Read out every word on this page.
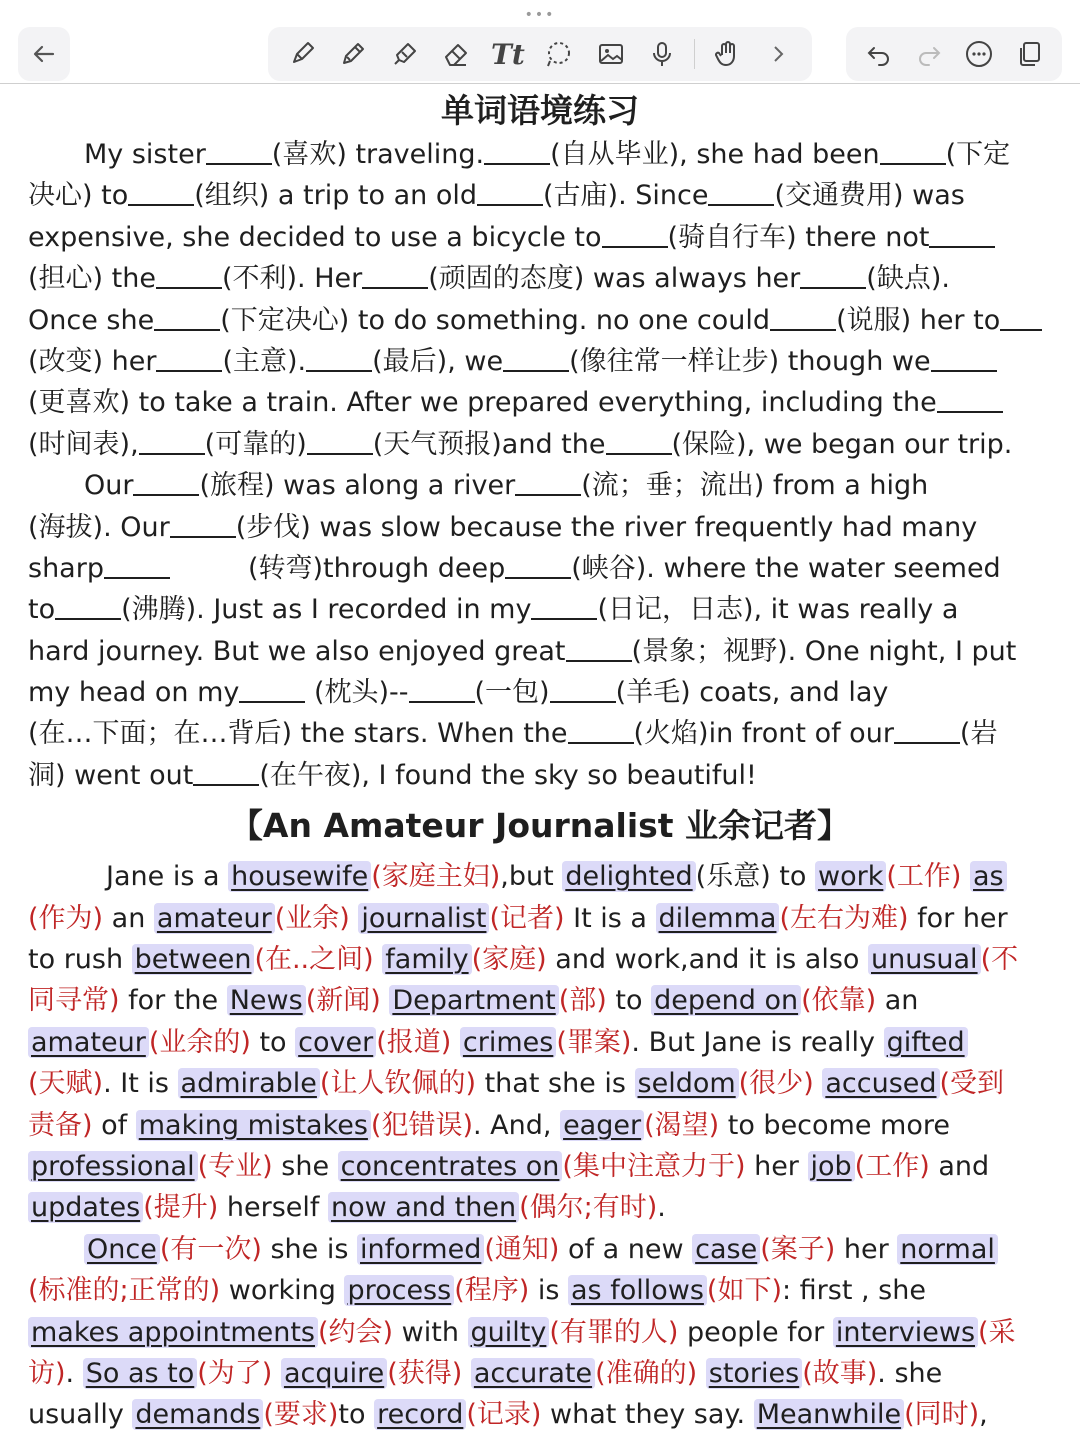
•••
Tt
单词语境练习
My sister (喜欢) traveling. (自从毕业), she had been (下定
决心) to (组织) a trip to an old (古庙). Since (交通费用) was
expensive, she decided to use a bicycle to (骑自行车) there not
(担心) the (不利). Her (顽固的态度) was always her (缺点).
Once she (下定决心) to do something. no one could (说服) her to
(改变) her (主意). (最后), we (像往常一样让步) though we
(更喜欢) to take a train. After we prepared everything, including the
(时间表), (可靠的) (天气预报)and the (保险), we began our trip.
Our (旅程) was along a river (流；垂；流出) from a high
(海拔). Our (步伐) was slow because the river frequently had many
sharp	(转弯)through deep (峡谷). where the water seemed
to (沸腾). Just as I recorded in my (日记，日志), it was really a
hard journey. But we also enjoyed great (景象；视野). One night, I put
my head on my (枕头)-- (一包) (羊毛) coats, and lay
(在…下面；在…背后) the stars. When the (火焰)in front of our (岩
洞) went out (在午夜), I found the sky so beautiful!
【An Amateur Journalist 业余记者】
Jane is a housewife (家庭主妇),but delighted (乐意) to work (工作) as
(作为) an amateur (业余) journalist (记者) It is a dilemma (左右为难) for her
to rush between (在..之间) family (家庭) and work,and it is also unusual (不
同寻常) for the News (新闻) Department (部) to depend on (依靠) an
amateur (业余的) to cover (报道) crimes (罪案). But Jane is really gifted
(天赋). It is admirable (让人钦佩的) that she is seldom (很少) accused (受到
责备) of making mistakes (犯错误). And, eager (渴望) to become more
professional (专业) she concentrates on (集中注意力于) her job (工作) and
updates (提升) herself now and then (偶尔;有时).
Once (有一次) she is informed (通知) of a new case (案子) her normal
(标准的;正常的) working process (程序) is as follows (如下): first , she
makes appointments (约会) with guilty (有罪的人) people for interviews (采
访). So as to (为了) acquire (获得) accurate (准确的) stories (故事). she
usually demands (要求)to record (记录) what they say. Meanwhile (同时),
